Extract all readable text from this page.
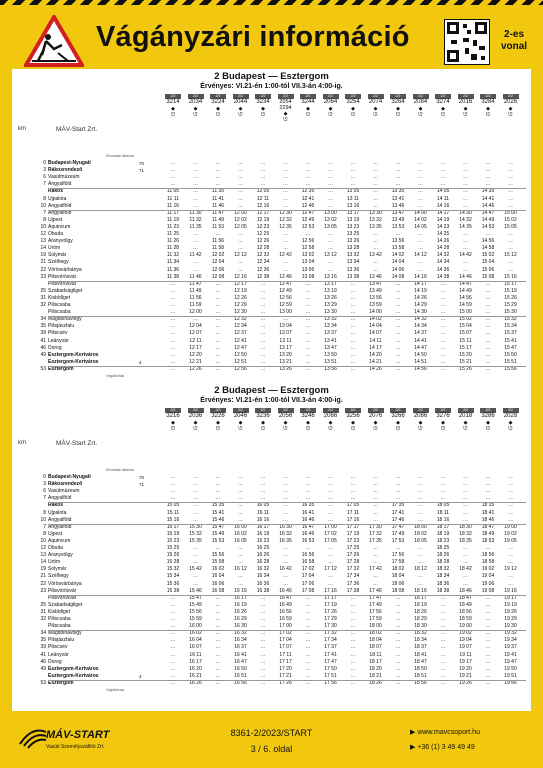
Vágányzári információ	2-es vonal
2 Budapest — Esztergom
Érvényes: VI.21-én 1:00-tól VII.3-án 4:00-ig.
km	MÁV-Start Zrt.
2/2
3214
◆
ᘎ
2/2
2034
◆
ᘎ
2/2
3224
◆
ᘎ
2/2
2044
◆
ᘎ
2/2
3234
◆
ᘎ
2/2
2054 2294
◆
ᘎ
2/2
3244
◆
ᘎ
2/2
2064
◆
ᘎ
2/2
3254
◆
ᘎ
2/2
2074
◆
ᘎ
2/2
3264
◆
ᘎ
2/2
2084
◆
ᘎ
2/2
3274
◆
ᘎ
2/2
2016
◆
ᘎ
2/2
3284
◆
ᘎ
2/2
2026
◆
ᘎ
Kiindulási állomás
0 Budapest-Nyugati	70	…	…	…	…	…	…	…	…	…	…	…	…	…	…	…	…
3 Rákosrendező	71	…	…	…	…	…	…	…	…	…	…	…	…	…	…	…	…
6 Vasútmúzeum	…	…	…	…	…	…	…	…	…	…	…	…	…	…	…	…
7 Angyalföld	…	…	…	…	…	…	…	…	…	…	…	…	…	…	…	…
Rákos	11 05	…	11 35	…	12 05	…	12 35	…	13 05	…	13 35	…	14 05	…	14 35	…
8 Újpalota	11 11	…	11 41	…	12 11	…	12 41	…	13 11	…	13 41	…	14 11	…	14 41	…
10 Angyalföld	11 16	…	11 46	…	12 16	…	12 46	…	13 16	…	13 46	…	14 16	…	14 46	…
7 Angyalföld	11 17	11 30	11 47	12 00	12 17	12 30	12 47	13 00	13 17	13 30	13 47	14 00	14 17	14 30	14 47	15 00
8 Újpest	11 19	11 32	11 49	12 02	12 19	12 32	12 49	13 02	13 19	13 32	13 49	14 02	14 19	14 32	14 49	15 02
10 Aquincum	11 23	11 35	11 53	12 05	12 23	12 35	12 53	13 05	13 23	13 35	13 53	14 05	14 23	14 35	14 53	15 05
12 Óbuda	11 25	…	…	…	12 25	…	…	…	13 25	…	…	…	14 25	…	…	…
13 Aranyvölgy	11 26	…	11 56	…	12 26	…	12 56	…	13 26	…	13 56	…	14 26	…	14 56	…
14 Üröm	11 28	…	11 58	…	12 28	…	12 58	…	13 28	…	13 58	…	14 28	…	14 58	…
19 Solymár	11 32	11 42	12 02	12 12	12 32	12 42	13 02	13 12	13 32	13 42	14 02	14 12	14 32	14 42	15 02	15 12
21 Szélhegy	11 34	…	12 04	…	12 34	…	13 04	…	13 34	…	14 04	…	14 34	…	15 04	…
22 Vörösvárbánya	11 36	…	12 06	…	12 36	…	13 06	…	13 36	…	14 06	…	14 36	…	15 06	…
23 Pilisvörösvár	11 38	11 46	12 08	12 16	12 38	12 46	13 08	13 16	13 38	13 46	14 08	14 16	14 38	14 46	15 08	15 16
Pilisvörösvár	…	11 47	…	12 17	…	12 47	…	13 17	…	13 47	…	14 17	…	14 47	…	15 17
25 Szabadságliget	…	11 49	…	12 19	…	12 49	…	13 19	…	13 49	…	14 19	…	14 49	…	15 19
31 Kisbídlget	…	11 56	…	12 26	…	12 56	…	13 26	…	13 56	…	14 26	…	14 56	…	15 26
32 Piliscsaba	…	11 59	…	12 29	…	12 59	…	13 29	…	13 59	…	14 29	…	14 59	…	15 29
Piliscsaba	…	12 00	…	12 30	…	13 00	…	13 30	…	14 00	…	14 30	…	15 00	…	15 30
34 Magdolnavölgy	…	…	…	12 32	…	…	…	13 32	…	14 02	…	14 32	…	15 02	…	15 32
35 Pilisjászfalu	…	12 04	…	12 34	…	13 04	…	13 34	…	14 04	…	14 34	…	15 04	…	15 34
39 Piliscsév	…	12 07	…	12 37	…	13 07	…	13 37	…	14 07	…	14 37	…	15 07	…	15 37
41 Leányvár	…	12 11	…	12 41	…	13 11	…	13 41	…	14 11	…	14 41	…	15 11	…	15 41
46 Dorog	…	12 17	…	12 47	…	13 17	…	13 47	…	14 17	…	14 47	…	15 17	…	15 47
49 Esztergom-Kertváros	…	12 20	…	12 50	…	13 20	…	13 50	…	14 20	…	14 50	…	15 20	…	15 50
Esztergom-Kertváros	4	…	12 21	…	12 51	…	13 21	…	13 51	…	14 21	…	14 51	…	15 21	…	15 51
53 Esztergom	…	12 26	…	12 56	…	13 26	…	13 56	…	14 26	…	14 56	…	15 26	…	15 56
Végállomás
2 Budapest — Esztergom
Érvényes: VI.21-én 1:00-tól VII.3-án 4:00-ig.
km	MÁV-Start Zrt.
2/2
3216
◆
ᘎ
2/2
2036
◆
ᘎ
2/2
3226
◆
ᘎ
2/2
2046
◆
ᘎ
2/2
3236
◆
ᘎ
2/2
2056
◆
ᘎ
2/2
3246
◆
ᘎ
2/2
2066
◆
ᘎ
2/2
3256
◆
ᘎ
2/2
2076
◆
ᘎ
2/2
3266
◆
ᘎ
2/2
2086
◆
ᘎ
2/2
3276
◆
ᘎ
2/2
2018
◆
ᘎ
2/2
3286
◆
ᘎ
2/2
2028
◆
ᘎ
Kiindulási állomás
0 Budapest-Nyugati	70	…	…	…	…	…	…	…	…	…	…	…	…	…	…	…	…
3 Rákosrendező	71	…	…	…	…	…	…	…	…	…	…	…	…	…	…	…	…
6 Vasútmúzeum	…	…	…	…	…	…	…	…	…	…	…	…	…	…	…	…
7 Angyalföld	…	…	…	…	…	…	…	…	…	…	…	…	…	…	…	…
Rákos	15 05	…	15 35	…	16 05	…	16 35	…	17 05	…	17 35	…	18 05	…	18 35	…
8 Újpalota	15 11	…	15 41	…	16 11	…	16 41	…	17 11	…	17 41	…	18 11	…	18 41	…
10 Angyalföld	15 16	…	15 46	…	16 16	…	16 46	…	17 16	…	17 46	…	18 16	…	18 46	…
7 Angyalföld	15 17	15 30	15 47	16 00	16 17	16 30	16 47	17 00	17 17	17 30	17 47	18 00	18 17	18 30	18 47	19 00
8 Újpest	15 19	15 32	15 49	16 02	16 19	16 32	16 49	17 02	17 19	17 32	17 49	18 02	18 19	18 32	18 49	19 02
10 Aquincum	15 23	15 35	15 53	16 05	16 23	16 35	16 53	17 05	17 23	17 35	17 53	18 05	18 23	18 35	18 53	19 05
12 Óbuda	15 25	…	…	…	16 25	…	…	…	17 25	…	…	…	18 25	…	…	…
13 Aranyvölgy	15 26	…	15 56	…	16 26	…	16 56	…	17 26	…	17 56	…	18 26	…	18 56	…
14 Üröm	15 28	…	15 58	…	16 28	…	16 58	…	17 28	…	17 58	…	18 28	…	18 58	…
19 Solymár	15 32	15 42	16 02	16 12	16 32	16 42	17 02	17 12	17 32	17 42	18 02	18 12	18 32	18 42	19 02	19 12
21 Szélhegy	15 34	…	16 04	…	16 34	…	17 04	…	17 34	…	18 04	…	18 34	…	19 04	…
22 Vörösvárbánya	15 36	…	16 06	…	16 36	…	17 06	…	17 36	…	18 06	…	18 36	…	19 06	…
23 Pilisvörösvár	15 38	15 46	16 08	16 16	16 38	16 46	17 08	17 16	17 38	17 46	18 08	18 16	18 38	18 46	19 08	19 16
Pilisvörösvár	…	15 47	…	16 17	…	16 47	…	17 17	…	17 47	…	18 17	…	18 47	…	19 17
25 Szabadságliget	…	15 49	…	16 19	…	16 49	…	17 19	…	17 49	…	18 19	…	18 49	…	19 19
31 Kisbídlget	…	15 56	…	16 26	…	16 56	…	17 26	…	17 56	…	18 26	…	18 56	…	19 26
32 Piliscsaba	…	15 59	…	16 29	…	16 59	…	17 29	…	17 59	…	18 29	…	18 59	…	19 29
Piliscsaba	…	16 00	…	16 30	…	17 00	…	17 30	…	18 00	…	18 30	…	19 00	…	19 30
34 Magdolnavölgy	…	16 02	…	16 32	…	17 02	…	17 32	…	18 02	…	18 32	…	19 02	…	19 32
35 Pilisjászfalu	…	16 04	…	16 34	…	17 04	…	17 34	…	18 04	…	18 34	…	19 04	…	19 34
39 Piliscsév	…	16 07	…	16 37	…	17 07	…	17 37	…	18 07	…	18 37	…	19 07	…	19 37
41 Leányvár	…	16 11	…	16 41	…	17 11	…	17 41	…	18 11	…	18 41	…	19 11	…	19 41
46 Dorog	…	16 17	…	16 47	…	17 17	…	17 47	…	18 17	…	18 47	…	19 17	…	19 47
49 Esztergom-Kertváros	…	16 20	…	16 50	…	17 20	…	17 50	…	18 20	…	18 50	…	19 20	…	19 50
Esztergom-Kertváros	4	…	16 21	…	16 51	…	17 21	…	17 51	…	18 21	…	18 51	…	19 21	…	19 51
53 Esztergom	…	16 26	…	16 56	…	17 26	…	17 56	…	18 26	…	18 56	…	19 26	…	19 56
Végállomás
MÁV-START
Vasúti Személyszállító Zrt.
8361-2/2023/START
3 / 6. oldal
▶ www.mavcsoport.hu
▶ +36 (1) 3 49 49 49
